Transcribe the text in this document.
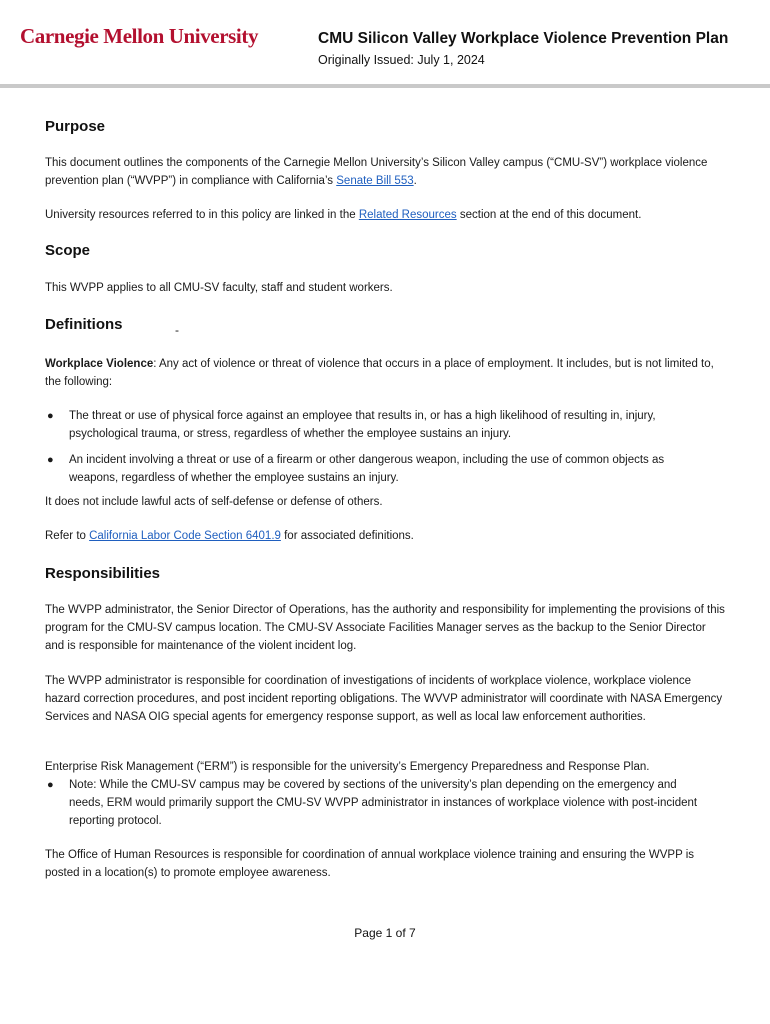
Carnegie Mellon University	CMU Silicon Valley Workplace Violence Prevention Plan
Originally Issued: July 1, 2024
Purpose

This document outlines the components of the Carnegie Mellon University’s Silicon Valley campus (“CMU-SV”) workplace violence prevention plan (“WVPP”) in compliance with California’s Senate Bill 553.

University resources referred to in this policy are linked in the Related Resources section at the end of this document.

Scope

This WVPP applies to all CMU-SV faculty, staff and student workers.

Definitions	-

Workplace Violence: Any act of violence or threat of violence that occurs in a place of employment. It includes, but is not limited to, the following:

● The threat or use of physical force against an employee that results in, or has a high likelihood of resulting in, injury, psychological trauma, or stress, regardless of whether the employee sustains an injury.
● An incident involving a threat or use of a firearm or other dangerous weapon, including the use of common objects as weapons, regardless of whether the employee sustains an injury.

It does not include lawful acts of self-defense or defense of others.

Refer to California Labor Code Section 6401.9 for associated definitions.

Responsibilities

The WVPP administrator, the Senior Director of Operations, has the authority and responsibility for implementing the provisions of this program for the CMU-SV campus location. The CMU-SV Associate Facilities Manager serves as the backup to the Senior Director and is responsible for maintenance of the violent incident log.

The WVPP administrator is responsible for coordination of investigations of incidents of workplace violence, workplace violence hazard correction procedures, and post incident reporting obligations. The WVVP administrator will coordinate with NASA Emergency Services and NASA OIG special agents for emergency response support, as well as local law enforcement authorities.

Enterprise Risk Management (“ERM”) is responsible for the university’s Emergency Preparedness and Response Plan.

● Note: While the CMU-SV campus may be covered by sections of the university’s plan depending on the emergency and needs, ERM would primarily support the CMU-SV WVPP administrator in instances of workplace violence with post-incident reporting protocol.

The Office of Human Resources is responsible for coordination of annual workplace violence training and ensuring the WVPP is posted in a location(s) to promote employee awareness.

Page 1 of 7
